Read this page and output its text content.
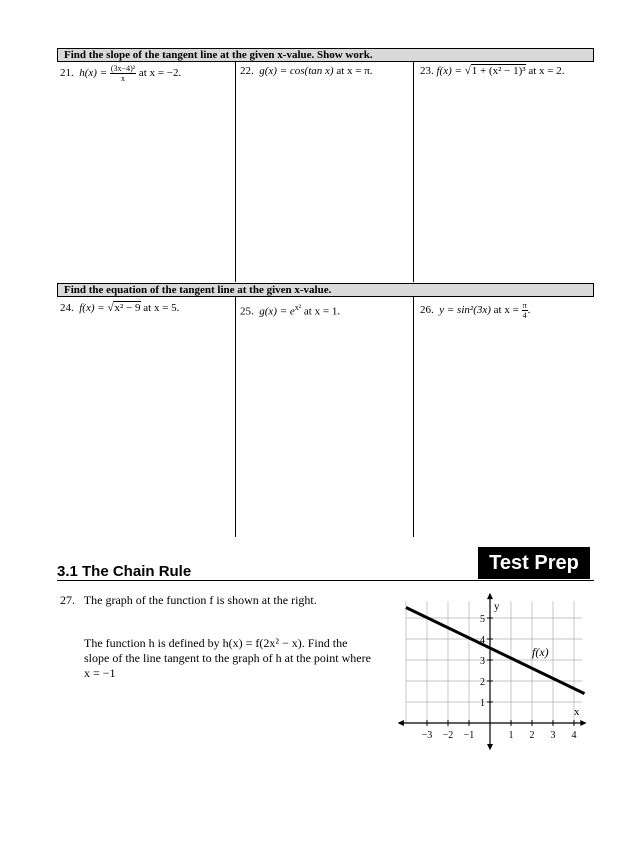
Find the slope of the tangent line at the given x-value. Show work.
21. $h(x) = \frac{\text{(3x−4)²}}{x}$ at x = −2.	22. g(x) = cos(tan x) at x = π.	23. f(x) = √1 + (x² − 1)³ at x = 2.
Find the equation of the tangent line at the given x-value.
24. f(x) = √x² − 9 at x = 5.	25. $g(x) = e^{x^2}$ at x = 1.	26. y = sin²(3x) at $x = \frac{\pi}{4}$ .
3.1 The Chain Rule	Test Prep
27. The graph of the function f is shown at the right.
The function h is defined by h(x) = f(2x² − x). Find the
slope of the line tangent to the graph of h at the point where
x = −1
−3 −2 −1	1 2 3 4
1
2
3
4
5
f(x)
x
y
